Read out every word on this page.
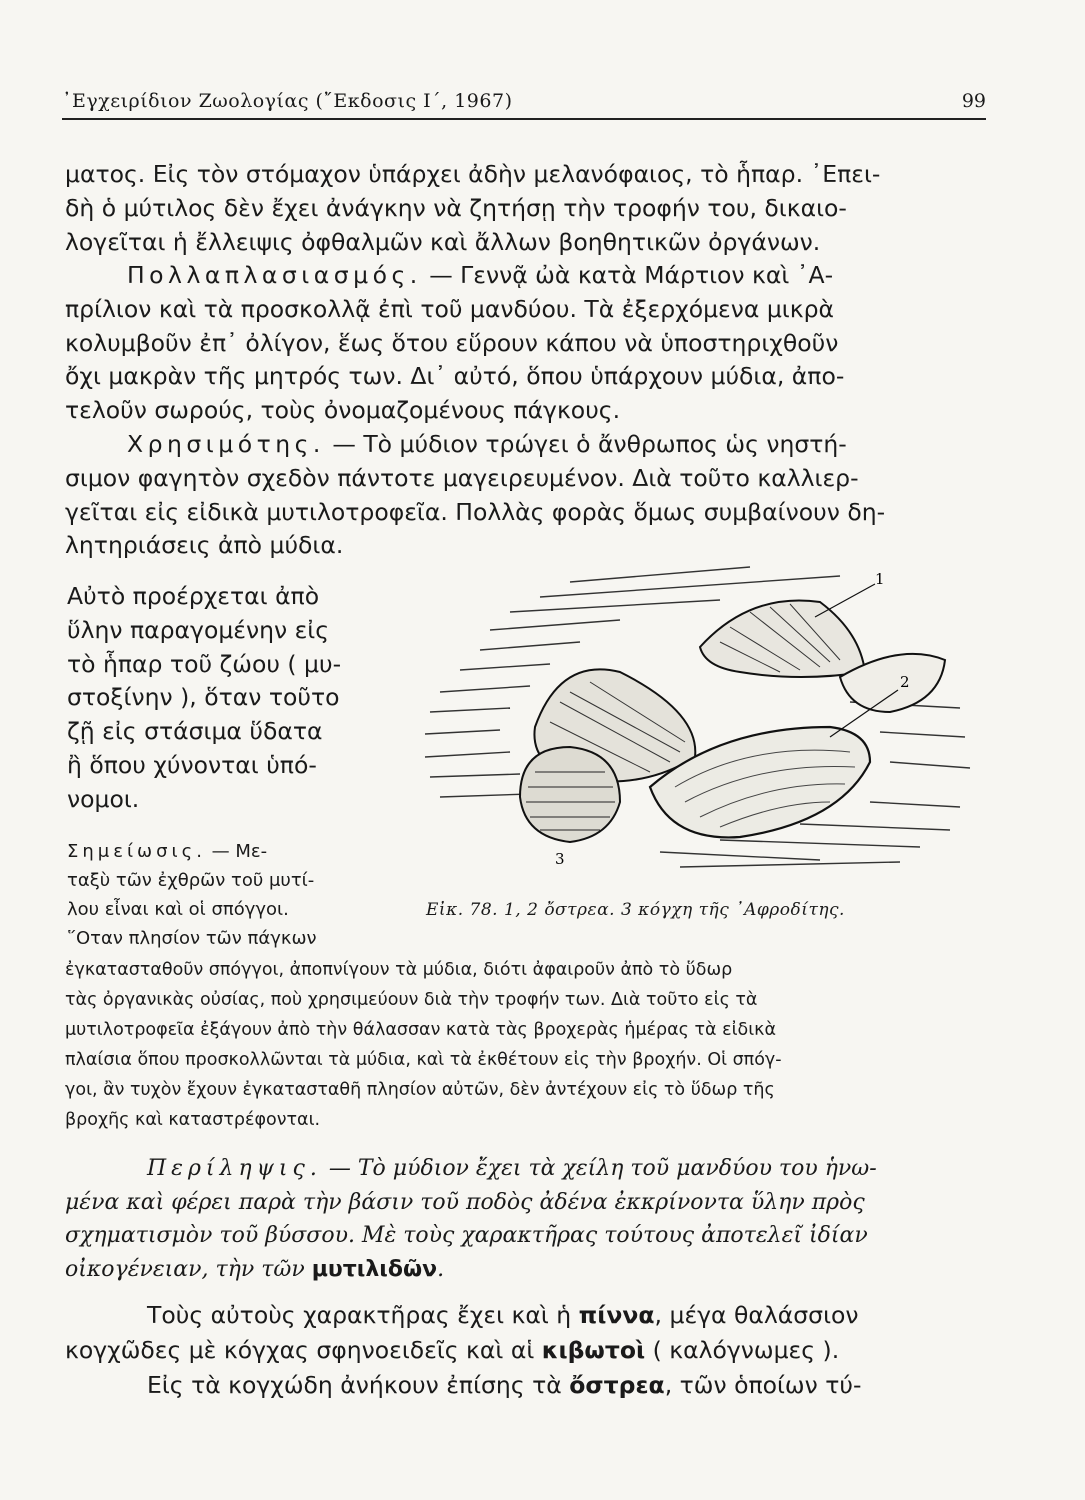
᾿Εγχειρίδιον Ζωολογίας (῎Εκδοσις Ι΄, 1967)	99

ματος. Εἰς τὸν στόμαχον ὑπάρχει ἀδὴν μελανόφαιος, τὸ ἧπαρ. ᾿Επει-
δὴ ὁ μύτιλος δὲν ἔχει ἀνάγκην νὰ ζητήσῃ τὴν τροφήν του, δικαιο-
λογεῖται ἡ ἔλλειψις ὀφθαλμῶν καὶ ἄλλων βοηθητικῶν ὀργάνων.

Πολλαπλασιασμός. — Γεννᾷ ὠὰ κατὰ Μάρτιον καὶ ᾿Α-
πρίλιον καὶ τὰ προσκολλᾷ ἐπὶ τοῦ μανδύου. Τὰ ἐξερχόμενα μικρὰ
κολυμβοῦν ἐπ᾿ ὀλίγον, ἕως ὅτου εὕρουν κάπου νὰ ὑποστηριχθοῦν
ὄχι μακρὰν τῆς μητρός των. Δι᾿ αὐτό, ὅπου ὑπάρχουν μύδια, ἀπο-
τελοῦν σωρούς, τοὺς ὀνομαζομένους πάγκους.

Χρησιμότης. — Τὸ μύδιον τρώγει ὁ ἄνθρωπος ὡς νηστή-
σιμον φαγητὸν σχεδὸν πάντοτε μαγειρευμένον. Διὰ τοῦτο καλλιερ-
γεῖται εἰς εἰδικὰ μυτιλοτροφεῖα. Πολλὰς φορὰς ὅμως συμβαίνουν δη-
λητηριάσεις ἀπὸ μύδια.

Αὐτὸ προέρχεται ἀπὸ
ὕλην παραγομένην εἰς
τὸ ἧπαρ τοῦ ζώου ( μυ-
στοξίνην ), ὅταν τοῦτο
ζῇ εἰς στάσιμα ὕδατα
ἢ ὅπου χύνονται ὑπό-
νομοι.

Σημείωσις. — Με-
ταξὺ τῶν ἐχθρῶν τοῦ μυτί-
λου εἶναι καὶ οἱ σπόγγοι.
῞Οταν πλησίον τῶν πάγκων

1
2
3
Εἰκ. 78. 1, 2 ὄστρεα. 3 κόγχη τῆς ᾿Αφροδίτης.

ἐγκατασταθοῦν σπόγγοι, ἀποπνίγουν τὰ μύδια, διότι ἀφαιροῦν ἀπὸ τὸ ὕδωρ
τὰς ὀργανικὰς οὐσίας, ποὺ χρησιμεύουν διὰ τὴν τροφήν των. Διὰ τοῦτο εἰς τὰ
μυτιλοτροφεῖα ἐξάγουν ἀπὸ τὴν θάλασσαν κατὰ τὰς βροχερὰς ἡμέρας τὰ εἰδικὰ
πλαίσια ὅπου προσκολλῶνται τὰ μύδια, καὶ τὰ ἐκθέτουν εἰς τὴν βροχήν. Οἱ σπόγ-
γοι, ἂν τυχὸν ἔχουν ἐγκατασταθῆ πλησίον αὐτῶν, δὲν ἀντέχουν εἰς τὸ ὕδωρ τῆς
βροχῆς καὶ καταστρέφονται.

Περίληψις. — Τὸ μύδιον ἔχει τὰ χείλη τοῦ μανδύου του ἡνω-
μένα καὶ φέρει παρὰ τὴν βάσιν τοῦ ποδὸς ἀδένα ἐκκρίνοντα ὕλην πρὸς
σχηματισμὸν τοῦ βύσσου. Μὲ τοὺς χαρακτῆρας τούτους ἀποτελεῖ ἰδίαν
οἰκογένειαν, τὴν τῶν μυτιλιδῶν.

Τοὺς αὐτοὺς χαρακτῆρας ἔχει καὶ ἡ πίννα, μέγα θαλάσσιον
κογχῶδες μὲ κόγχας σφηνοειδεῖς καὶ αἱ κιβωτοὶ ( καλόγνωμες ).
Εἰς τὰ κογχώδη ἀνήκουν ἐπίσης τὰ ὄστρεα, τῶν ὁποίων τύ-
